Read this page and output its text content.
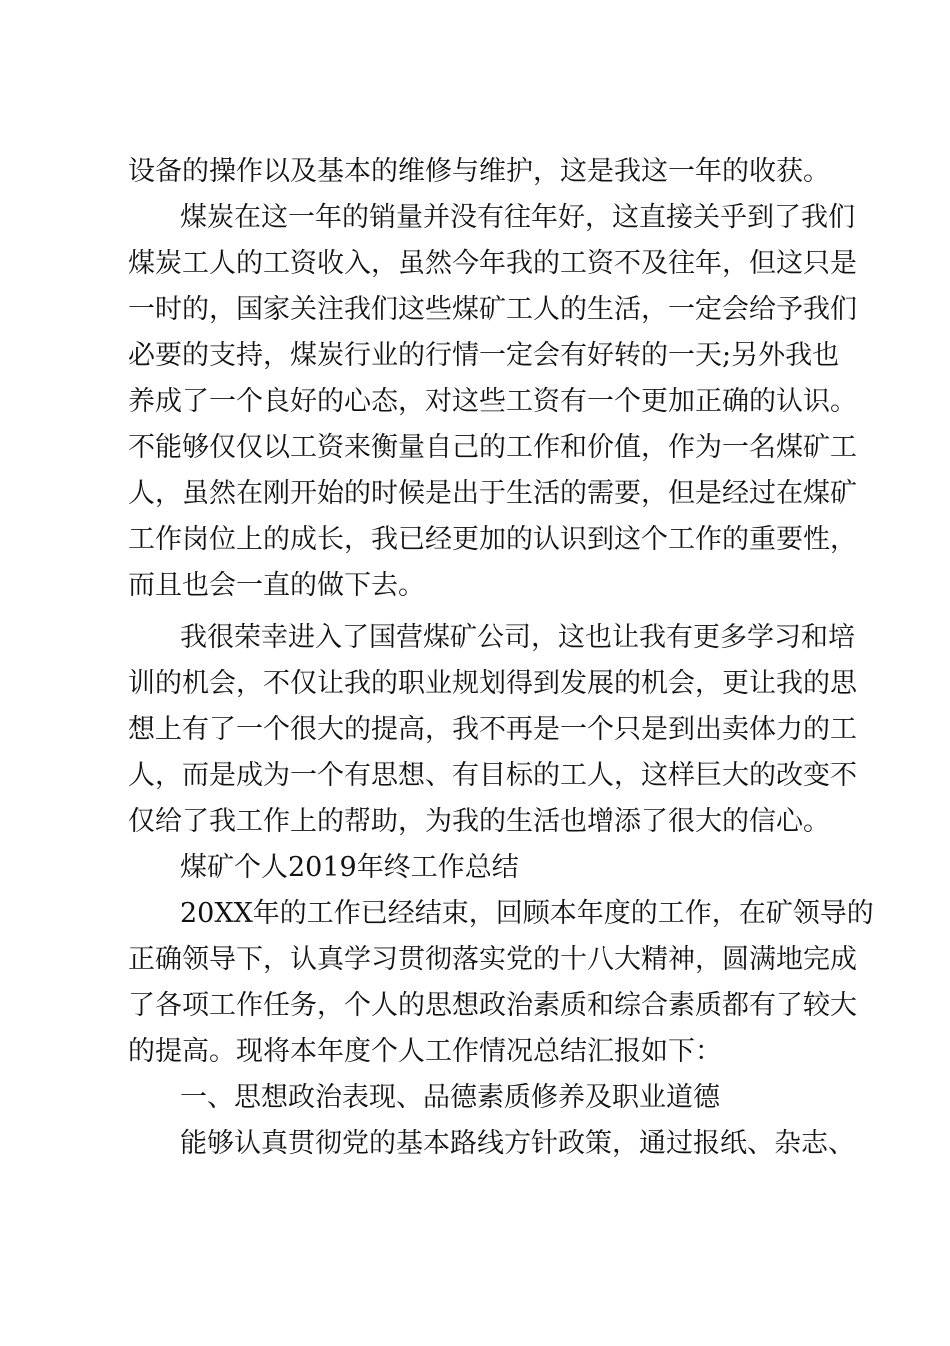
设备的操作以及基本的维修与维护，这是我这一年的收获。
煤炭在这一年的销量并没有往年好，这直接关乎到了我们
煤炭工人的工资收入，虽然今年我的工资不及往年，但这只是
一时的，国家关注我们这些煤矿工人的生活，一定会给予我们
必要的支持，煤炭行业的行情一定会有好转的一天;另外我也
养成了一个良好的心态，对这些工资有一个更加正确的认识。
不能够仅仅以工资来衡量自己的工作和价值，作为一名煤矿工
人，虽然在刚开始的时候是出于生活的需要，但是经过在煤矿
工作岗位上的成长，我已经更加的认识到这个工作的重要性，
而且也会一直的做下去。
我很荣幸进入了国营煤矿公司，这也让我有更多学习和培
训的机会，不仅让我的职业规划得到发展的机会，更让我的思
想上有了一个很大的提高，我不再是一个只是到出卖体力的工
人，而是成为一个有思想、有目标的工人，这样巨大的改变不
仅给了我工作上的帮助，为我的生活也增添了很大的信心。
煤矿个人2019年终工作总结
20XX年的工作已经结束，回顾本年度的工作，在矿领导的
正确领导下，认真学习贯彻落实党的十八大精神，圆满地完成
了各项工作任务，个人的思想政治素质和综合素质都有了较大
的提高。现将本年度个人工作情况总结汇报如下：
一、思想政治表现、品德素质修养及职业道德
能够认真贯彻党的基本路线方针政策，通过报纸、杂志、
